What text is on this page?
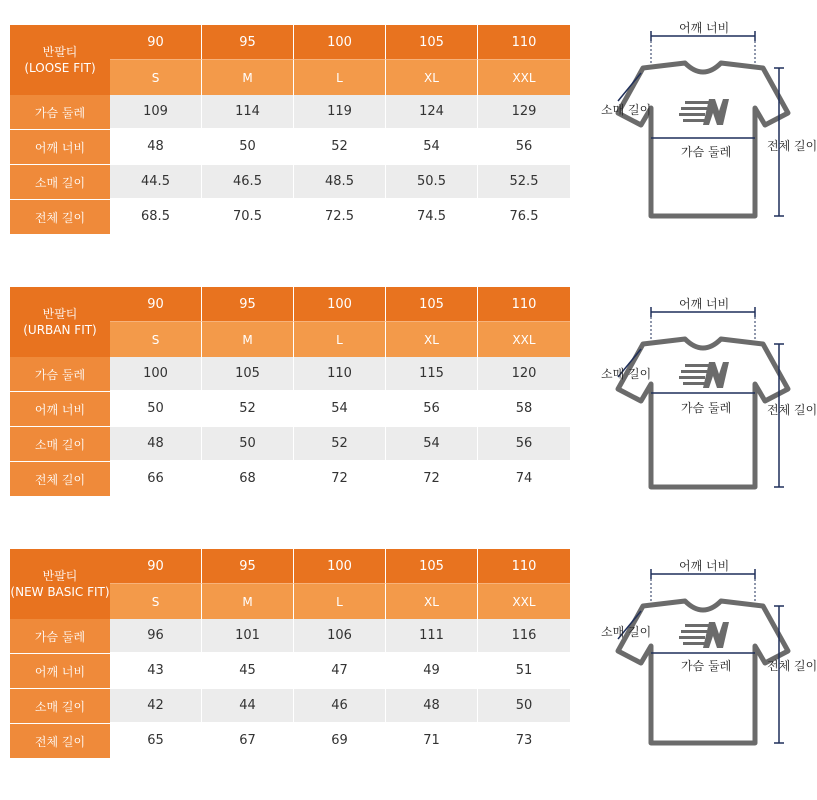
반팔티
(LOOSE FIT)
90	95	100	105	110
S	M	L	XL	XXL
가슴 둘레	109	114	119	124	129
어깨 너비	48	50	52	54	56
소매 길이	44.5	46.5	48.5	50.5	52.5
전체 길이	68.5	70.5	72.5	74.5	76.5
어깨 너비
소매 길이
가슴 둘레	전체 길이
반팔티
(URBAN FIT)
90	95	100	105	110
S	M	L	XL	XXL
가슴 둘레	100	105	110	115	120
어깨 너비	50	52	54	56	58
소매 길이	48	50	52	54	56
전체 길이	66	68	72	72	74
어깨 너비
소매 길이
가슴 둘레	전체 길이
반팔티
(NEW BASIC FIT)
90	95	100	105	110
S	M	L	XL	XXL
가슴 둘레	96	101	106	111	116
어깨 너비	43	45	47	49	51
소매 길이	42	44	46	48	50
전체 길이	65	67	69	71	73
어깨 너비
소매 길이
가슴 둘레	전체 길이
